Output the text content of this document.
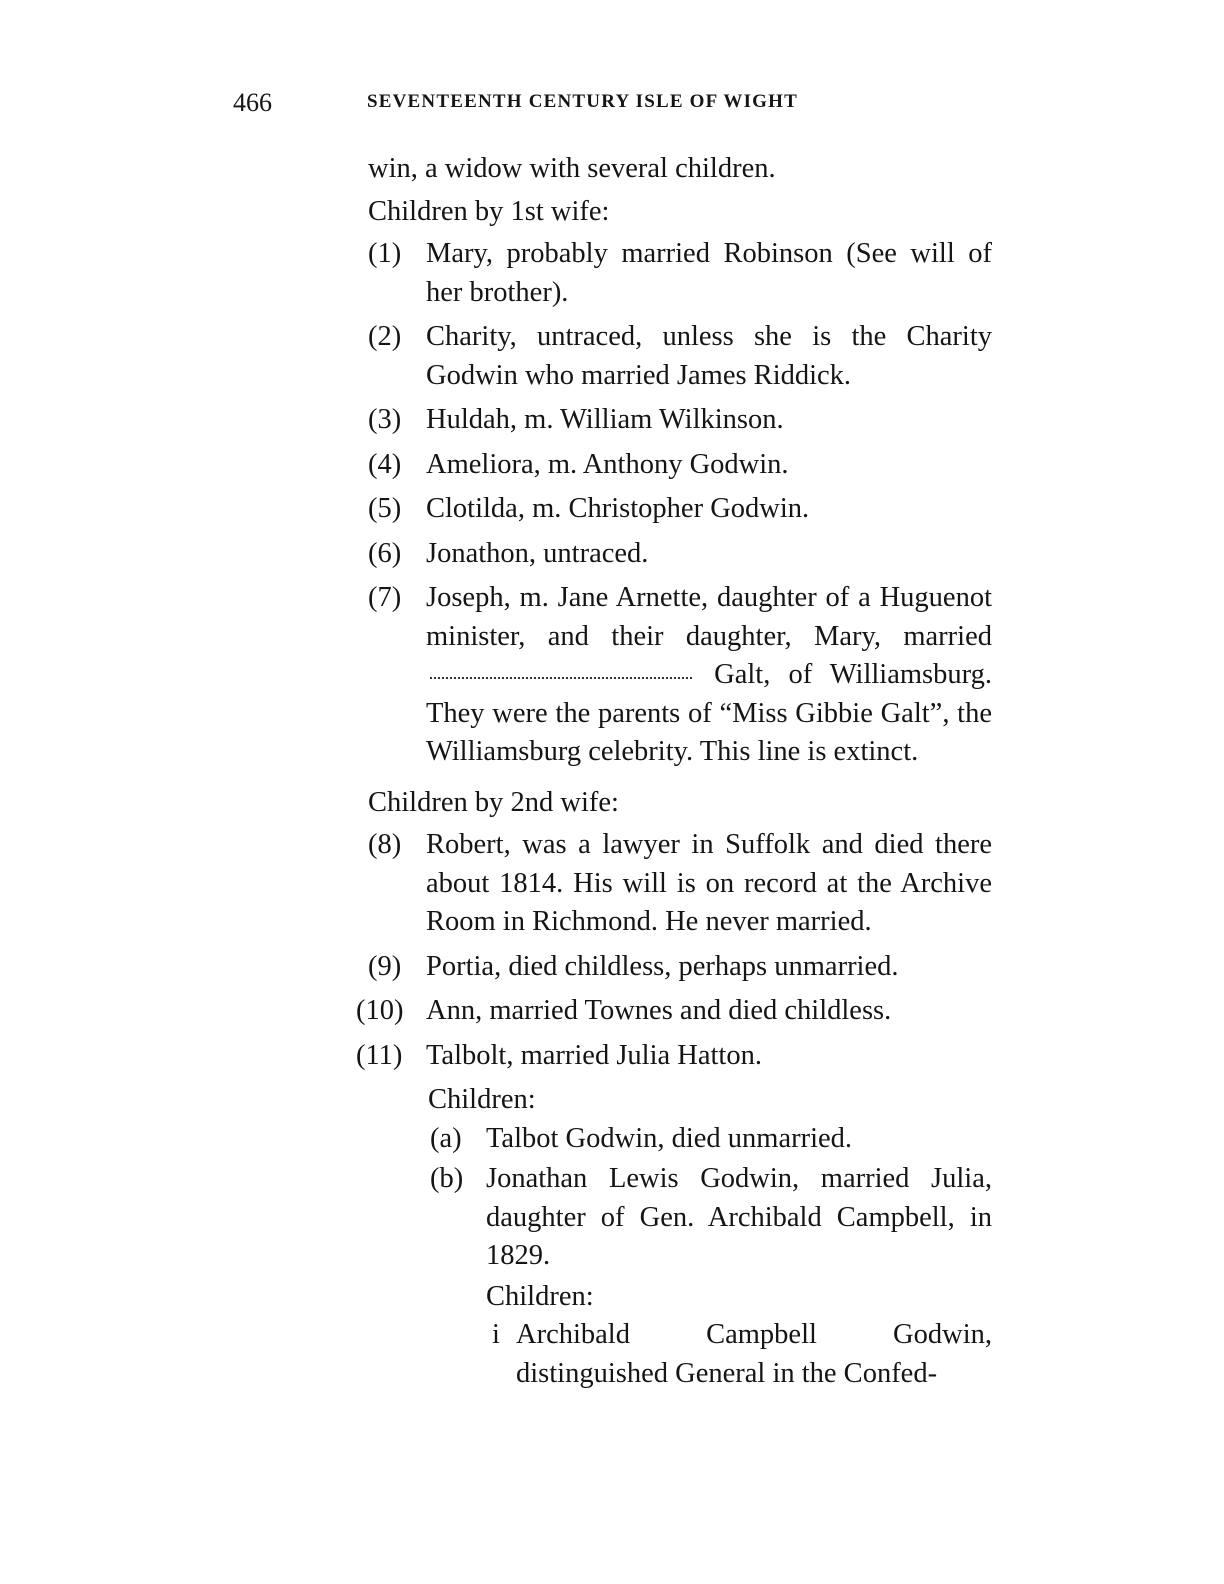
466	SEVENTEENTH CENTURY ISLE OF WIGHT

win, a widow with several children.

Children by 1st wife:

(1) Mary, probably married Robinson (See will of her brother).
(2) Charity, untraced, unless she is the Charity Godwin who married James Riddick.
(3) Huldah, m. William Wilkinson.
(4) Ameliora, m. Anthony Godwin.
(5) Clotilda, m. Christopher Godwin.
(6) Jonathon, untraced.
(7) Joseph, m. Jane Arnette, daughter of a Huguenot minister, and their daughter, Mary, married  Galt, of Williamsburg. They were the parents of “Miss Gibbie Galt”, the Williamsburg celebrity. This line is extinct.

Children by 2nd wife:

(8) Robert, was a lawyer in Suffolk and died there about 1814. His will is on record at the Archive Room in Richmond. He never married.
(9) Portia, died childless, perhaps unmarried.
(10) Ann, married Townes and died childless.
(11) Talbolt, married Julia Hatton.

Children:

(a) Talbot Godwin, died unmarried.
(b) Jonathan Lewis Godwin, married Julia, daughter of Gen. Archibald Campbell, in 1829.

Children:

i Archibald Campbell Godwin, distinguished General in the Confed-
